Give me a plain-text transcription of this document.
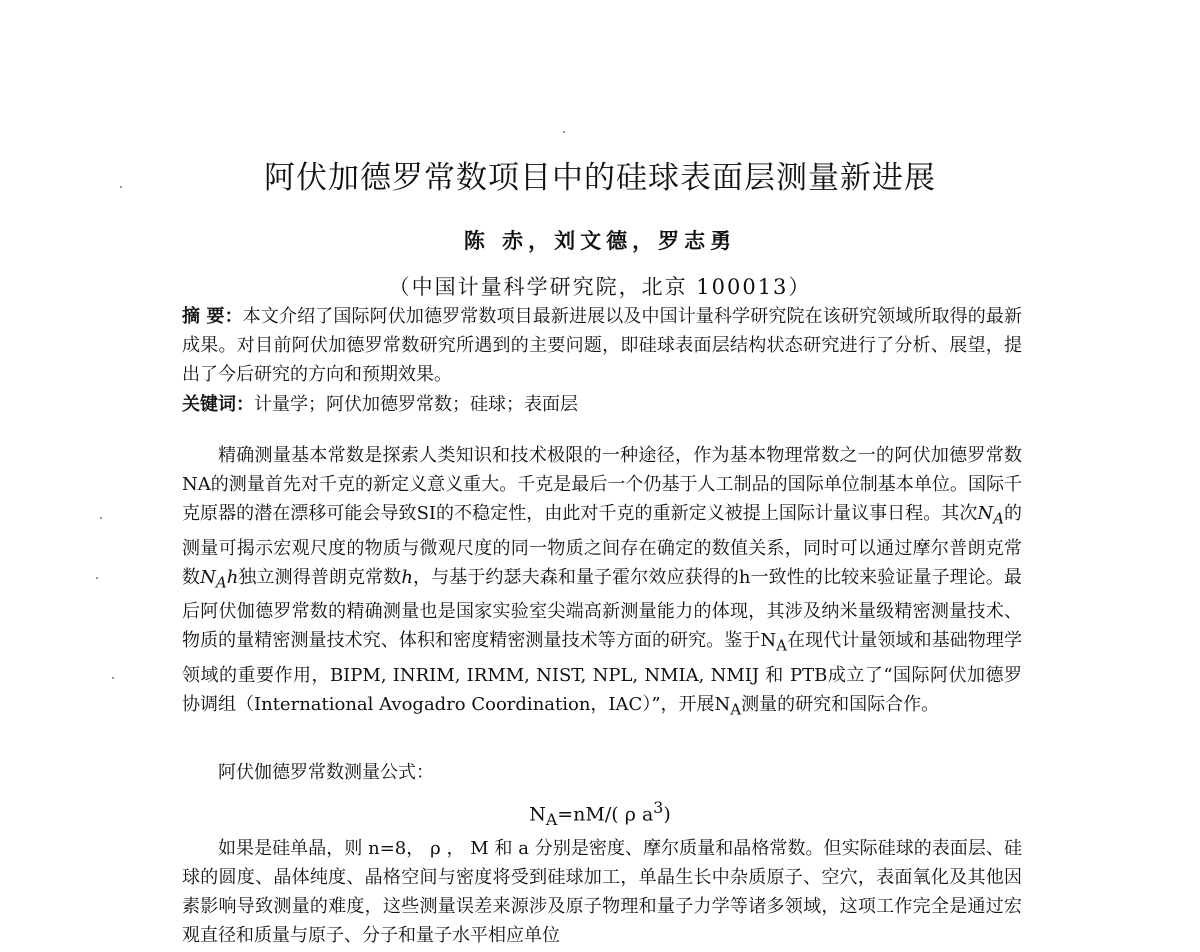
阿伏加德罗常数项目中的硅球表面层测量新进展
陈 赤，刘文德，罗志勇
（中国计量科学研究院，北京 100013）
摘 要：本文介绍了国际阿伏加德罗常数项目最新进展以及中国计量科学研究院在该研究领域所取得的最新成果。对目前阿伏加德罗常数研究所遇到的主要问题，即硅球表面层结构状态研究进行了分析、展望，提出了今后研究的方向和预期效果。
关键词：计量学；阿伏加德罗常数；硅球；表面层
精确测量基本常数是探索人类知识和技术极限的一种途径，作为基本物理常数之一的阿伏加德罗常数NA的测量首先对千克的新定义意义重大。千克是最后一个仍基于人工制品的国际单位制基本单位。国际千克原器的潜在漂移可能会导致SI的不稳定性，由此对千克的重新定义被提上国际计量议事日程。其次$N_A$的测量可揭示宏观尺度的物质与微观尺度的同一物质之间存在确定的数值关系，同时可以通过摩尔普朗克常数$N_Ah$独立测得普朗克常数h，与基于约瑟夫森和量子霍尔效应获得的h一致性的比较来验证量子理论。最后阿伏伽德罗常数的精确测量也是国家实验室尖端高新测量能力的体现，其涉及纳米量级精密测量技术、物质的量精密测量技术究、体积和密度精密测量技术等方面的研究。鉴于$N_A$在现代计量领域和基础物理学领域的重要作用，BIPM, INRIM, IRMM, NIST, NPL, NMIA, NMIJ 和 PTB成立了“国际阿伏加德罗协调组（International Avogadro Coordination，IAC）”，开展$N_A$测量的研究和国际合作。
阿伏伽德罗常数测量公式：
$N_A=nM/$( ρ $a^3$)
如果是硅单晶，则 n=8， ρ ， M 和 a 分别是密度、摩尔质量和晶格常数。但实际硅球的表面层、硅球的圆度、晶体纯度、晶格空间与密度将受到硅球加工，单晶生长中杂质原子、空穴，表面氧化及其他因素影响导致测量的难度，这些测量误差来源涉及原子物理和量子力学等诸多领域，这项工作完全是通过宏观直径和质量与原子、分子和量子水平相应单位
